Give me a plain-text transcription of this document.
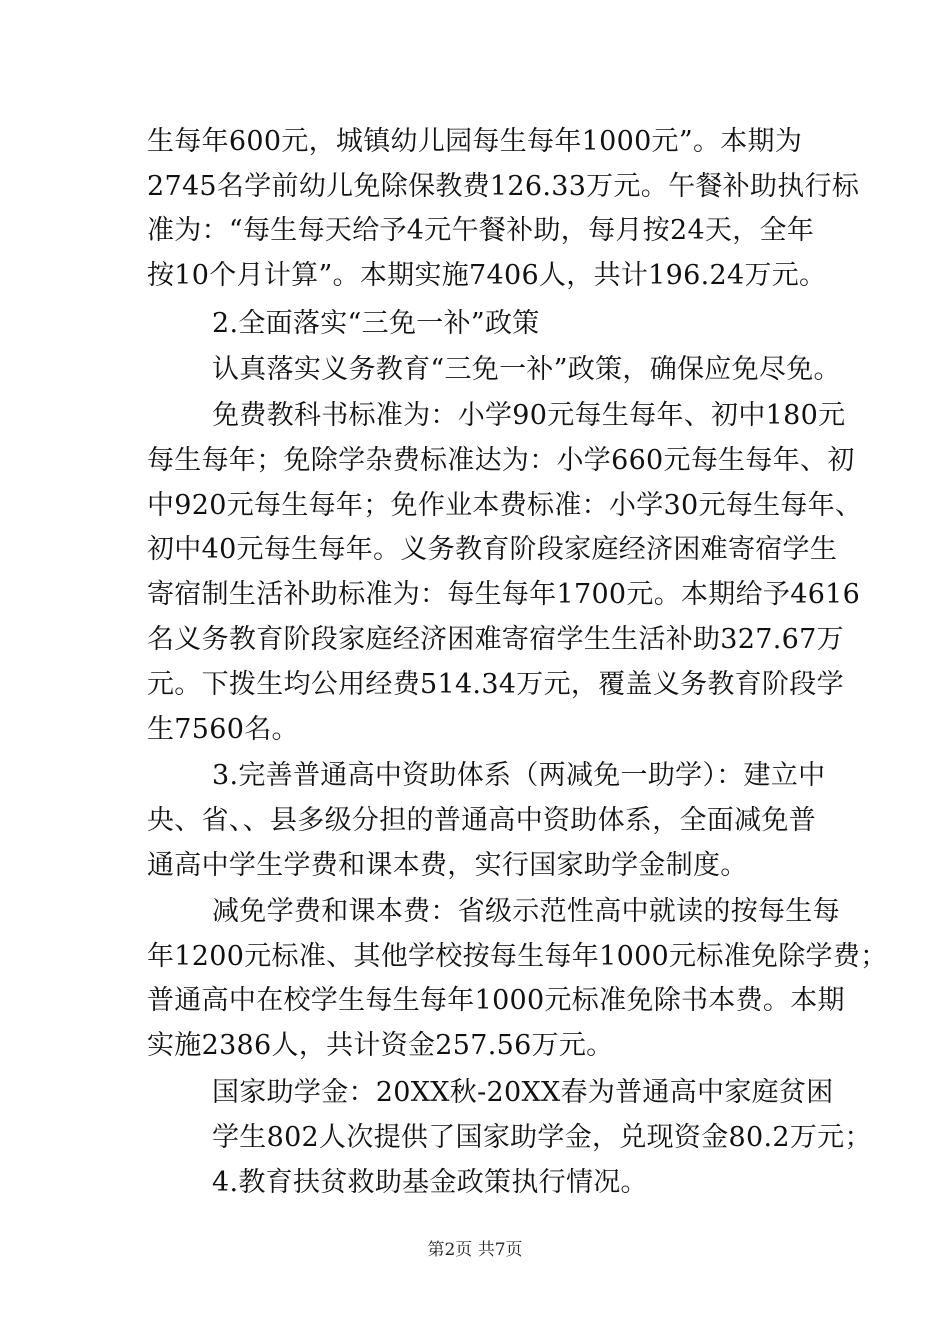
生每年600元，城镇幼儿园每生每年1000元”。本期为
2745名学前幼儿免除保教费126.33万元。午餐补助执行标
准为：“每生每天给予4元午餐补助，每月按24天，全年
按10个月计算”。本期实施7406人，共计196.24万元。
2.全面落实“三免一补”政策
认真落实义务教育“三免一补”政策，确保应免尽免。
免费教科书标准为：小学90元每生每年、初中180元
每生每年；免除学杂费标准达为：小学660元每生每年、初
中920元每生每年；免作业本费标准：小学30元每生每年、
初中40元每生每年。义务教育阶段家庭经济困难寄宿学生
寄宿制生活补助标准为：每生每年1700元。本期给予4616
名义务教育阶段家庭经济困难寄宿学生生活补助327.67万
元。下拨生均公用经费514.34万元，覆盖义务教育阶段学
生7560名。
3.完善普通高中资助体系（两减免一助学）：建立中
央、省、、县多级分担的普通高中资助体系，全面减免普
通高中学生学费和课本费，实行国家助学金制度。
减免学费和课本费：省级示范性高中就读的按每生每
年1200元标准、其他学校按每生每年1000元标准免除学费；
普通高中在校学生每生每年1000元标准免除书本费。本期
实施2386人，共计资金257.56万元。
国家助学金：20XX秋-20XX春为普通高中家庭贫困
学生802人次提供了国家助学金，兑现资金80.2万元；
4.教育扶贫救助基金政策执行情况。
第2页 共7页
